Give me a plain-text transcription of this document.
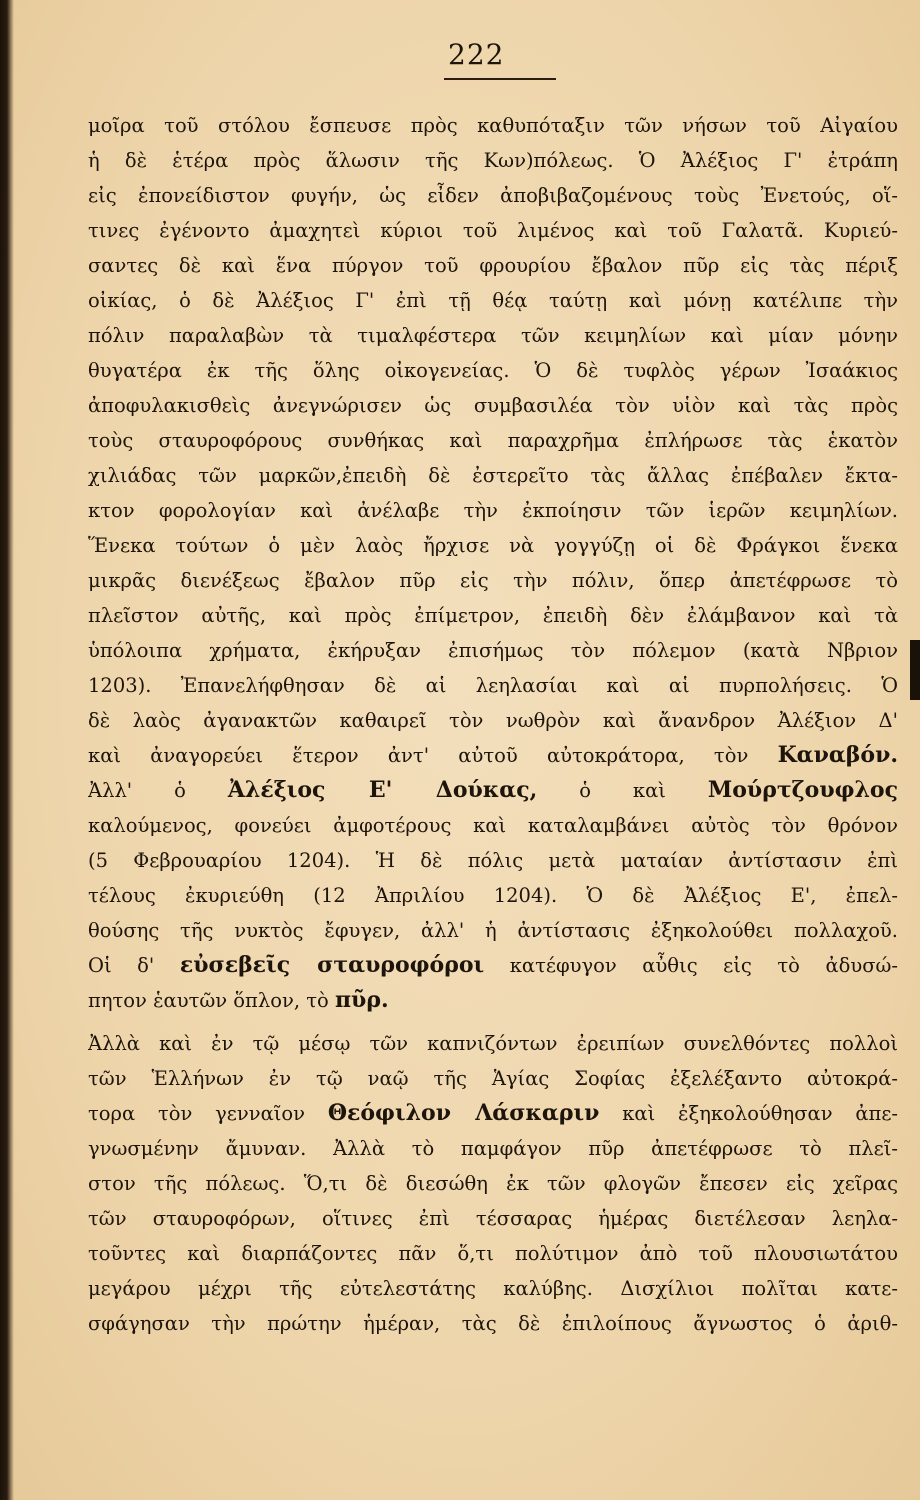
222
μοῖρα τοῦ στόλου ἔσπευσε πρὸς καθυπόταξιν τῶν νήσων τοῦ Αἰγαίου
ἡ δὲ ἑτέρα πρὸς ἅλωσιν τῆς Κων)πόλεως. Ὁ Ἀλέξιος Γ' ἐτράπη
εἰς ἐπονείδιστον φυγήν, ὡς εἶδεν ἀποβιβαζομένους τοὺς Ἐνετούς, οἵ-
τινες ἐγένοντο ἀμαχητεὶ κύριοι τοῦ λιμένος καὶ τοῦ Γαλατᾶ. Κυριεύ-
σαντες δὲ καὶ ἕνα πύργον τοῦ φρουρίου ἔβαλον πῦρ εἰς τὰς πέριξ
οἰκίας, ὁ δὲ Ἀλέξιος Γ' ἐπὶ τῇ θέᾳ ταύτῃ καὶ μόνῃ κατέλιπε τὴν
πόλιν παραλαβὼν τὰ τιμαλφέστερα τῶν κειμηλίων καὶ μίαν μόνην
θυγατέρα ἐκ τῆς ὅλης οἰκογενείας. Ὁ δὲ τυφλὸς γέρων Ἰσαάκιος
ἀποφυλακισθεὶς ἀνεγνώρισεν ὡς συμβασιλέα τὸν υἱὸν καὶ τὰς πρὸς
τοὺς σταυροφόρους συνθήκας καὶ παραχρῆμα ἐπλήρωσε τὰς ἑκατὸν
χιλιάδας τῶν μαρκῶν,ἐπειδὴ δὲ ἐστερεῖτο τὰς ἄλλας ἐπέβαλεν ἔκτα-
κτον φορολογίαν καὶ ἀνέλαβε τὴν ἐκποίησιν τῶν ἱερῶν κειμηλίων.
Ἕνεκα τούτων ὁ μὲν λαὸς ἤρχισε νὰ γογγύζῃ οἱ δὲ Φράγκοι ἕνεκα
μικρᾶς διενέξεως ἔβαλον πῦρ εἰς τὴν πόλιν, ὅπερ ἀπετέφρωσε τὸ
πλεῖστον αὐτῆς, καὶ πρὸς ἐπίμετρον, ἐπειδὴ δὲν ἐλάμβανον καὶ τὰ
ὑπόλοιπα χρήματα, ἐκήρυξαν ἐπισήμως τὸν πόλεμον (κατὰ Νβριον
1203). Ἐπανελήφθησαν δὲ αἱ λεηλασίαι καὶ αἱ πυρπολήσεις. Ὁ
δὲ λαὸς ἀγανακτῶν καθαιρεῖ τὸν νωθρὸν καὶ ἄνανδρον Ἀλέξιον Δ'
καὶ ἀναγορεύει ἕτερον ἀντ' αὐτοῦ αὐτοκράτορα, τὸν Καναβόν.
Ἀλλ' ὁ Ἀλέξιος Ε' Δούκας, ὁ καὶ Μούρτζουφλος
καλούμενος, φονεύει ἀμφοτέρους καὶ καταλαμβάνει αὐτὸς τὸν θρόνον
(5 Φεβρουαρίου 1204). Ἡ δὲ πόλις μετὰ ματαίαν ἀντίστασιν ἐπὶ
τέλους ἐκυριεύθη (12 Ἀπριλίου 1204). Ὁ δὲ Ἀλέξιος Ε', ἐπελ-
θούσης τῆς νυκτὸς ἔφυγεν, ἀλλ' ἡ ἀντίστασις ἐξηκολούθει πολλαχοῦ.
Οἱ δ' εὐσεβεῖς σταυροφόροι κατέφυγον αὖθις εἰς τὸ ἀδυσώ-
πητον ἑαυτῶν ὅπλον, τὸ πῦρ.
Ἀλλὰ καὶ ἐν τῷ μέσῳ τῶν καπνιζόντων ἐρειπίων συνελθόντες πολλοὶ
τῶν Ἑλλήνων ἐν τῷ ναῷ τῆς Ἁγίας Σοφίας ἐξελέξαντο αὐτοκρά-
τορα τὸν γενναῖον Θεόφιλον Λάσκαριν καὶ ἐξηκολούθησαν ἀπε-
γνωσμένην ἄμυναν. Ἀλλὰ τὸ παμφάγον πῦρ ἀπετέφρωσε τὸ πλεῖ-
στον τῆς πόλεως. Ὅ,τι δὲ διεσώθη ἐκ τῶν φλογῶν ἔπεσεν εἰς χεῖρας
τῶν σταυροφόρων, οἵτινες ἐπὶ τέσσαρας ἡμέρας διετέλεσαν λεηλα-
τοῦντες καὶ διαρπάζοντες πᾶν ὅ,τι πολύτιμον ἀπὸ τοῦ πλουσιωτάτου
μεγάρου μέχρι τῆς εὐτελεστάτης καλύβης. Δισχίλιοι πολῖται κατε-
σφάγησαν τὴν πρώτην ἡμέραν, τὰς δὲ ἐπιλοίπους ἄγνωστος ὁ ἀριθ-
